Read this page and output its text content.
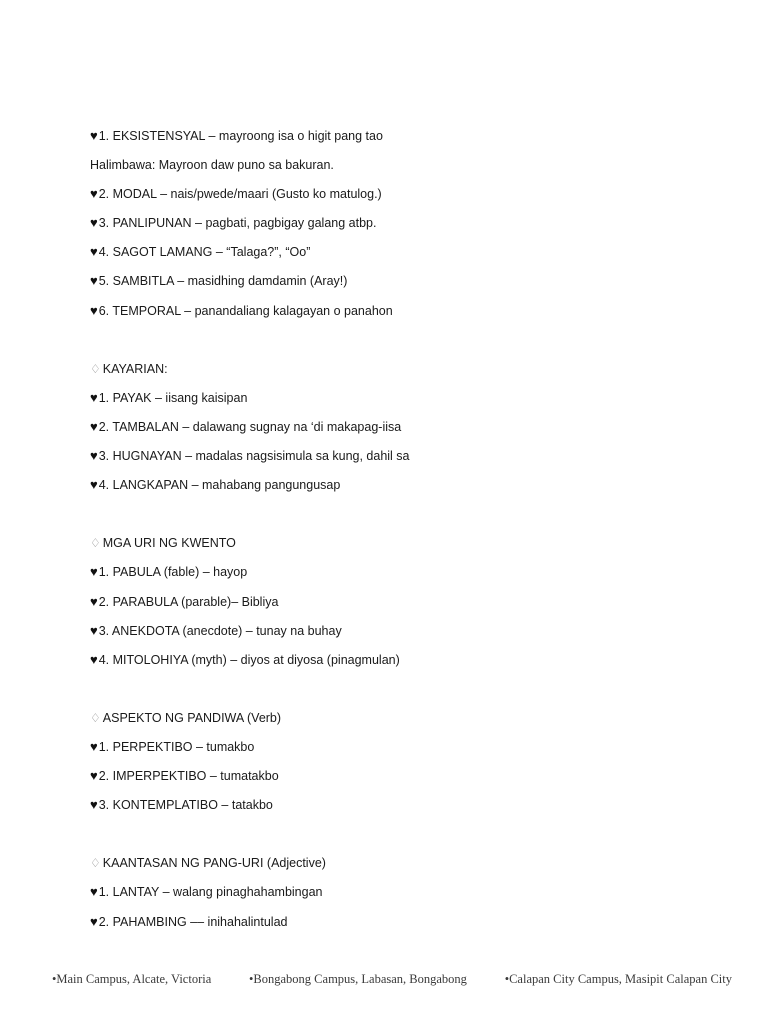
♥ 1. EKSISTENSYAL – mayroong isa o higit pang tao
Halimbawa: Mayroon daw puno sa bakuran.
♥ 2. MODAL – nais/pwede/maari (Gusto ko matulog.)
♥ 3. PANLIPUNAN – pagbati, pagbigay galang atbp.
♥ 4. SAGOT LAMANG – “Talaga?”, “Oo”
♥ 5. SAMBITLA – masidhing damdamin (Aray!)
♥ 6. TEMPORAL – panandaliang kalagayan o panahon
♢ KAYARIAN:
♥ 1. PAYAK – iisang kaisipan
♥ 2. TAMBALAN – dalawang sugnay na ‘di makapag-iisa
♥ 3. HUGNAYAN – madalas nagsisimula sa kung, dahil sa
♥ 4. LANGKAPAN – mahabang pangungusap
♢ MGA URI NG KWENTO
♥ 1. PABULA (fable) – hayop
♥ 2. PARABULA (parable)– Bibliya
♥ 3. ANEKDOTA (anecdote) – tunay na buhay
♥ 4. MITOLOHIYA (myth) – diyos at diyosa (pinagmulan)
♢ ASPEKTO NG PANDIWA (Verb)
♥ 1. PERPEKTIBO – tumakbo
♥ 2. IMPERPEKTIBO – tumatakbo
♥ 3. KONTEMPLATIBO – tatakbo
♢ KAANTASAN NG PANG-URI (Adjective)
♥ 1. LANTAY – walang pinaghahambingan
♥ 2. PAHAMBING –– inihahalintulad
•Main Campus, Alcate, Victoria	•Bongabong Campus, Labasan, Bongabong	•Calapan City Campus, Masipit Calapan City
